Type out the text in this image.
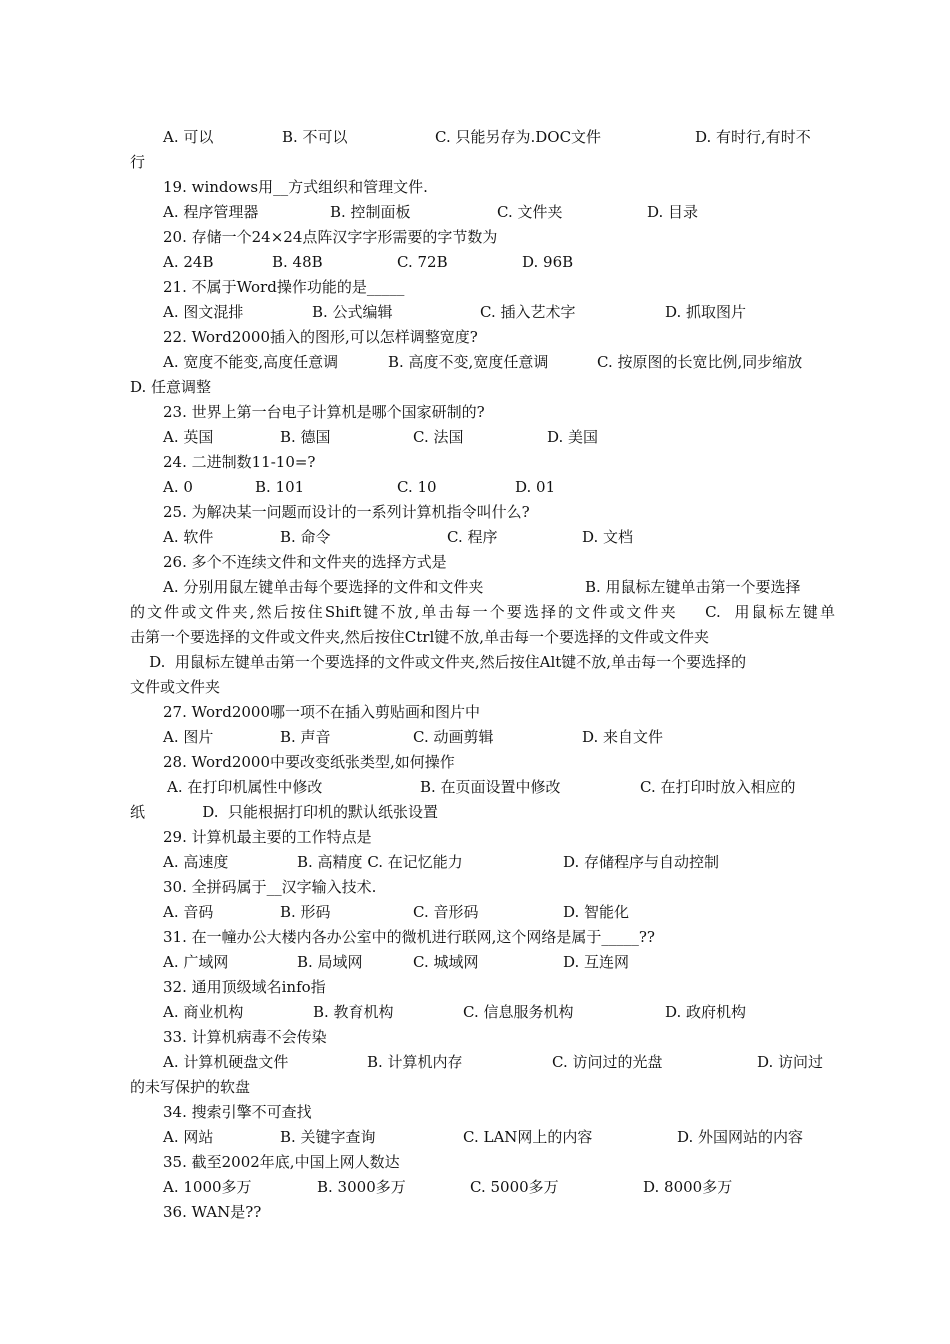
A. 可以	B. 不可以	C. 只能另存为.DOC文件	D. 有时行,有时不
行
19. windows用__方式组织和管理文件.
A. 程序管理器	B. 控制面板	C. 文件夹	D. 目录
20. 存储一个24×24点阵汉字字形需要的字节数为
A. 24B	B. 48B	C. 72B	D. 96B
21. 不属于Word操作功能的是_____
A. 图文混排	B. 公式编辑	C. 插入艺术字	D. 抓取图片
22. Word2000插入的图形,可以怎样调整宽度?
A. 宽度不能变,高度任意调	B. 高度不变,宽度任意调	C. 按原图的长宽比例,同步缩放
D. 任意调整
23. 世界上第一台电子计算机是哪个国家研制的?
A. 英国	B. 德国	C. 法国	D. 美国
24. 二进制数11-10=?
A. 0	B. 101	C. 10	D. 01
25. 为解决某一问题而设计的一系列计算机指令叫什么?
A. 软件	B. 命令	C. 程序	D. 文档
26. 多个不连续文件和文件夹的选择方式是
A. 分别用鼠左键单击每个要选择的文件和文件夹	B. 用鼠标左键单击第一个要选择
的文件或文件夹,然后按住Shift键不放,单击每一个要选择的文件或文件夹    C.  用鼠标左键单
击第一个要选择的文件或文件夹,然后按住Ctrl键不放,单击每一个要选择的文件或文件夹
D.  用鼠标左键单击第一个要选择的文件或文件夹,然后按住Alt键不放,单击每一个要选择的
文件或文件夹
27. Word2000哪一项不在插入剪贴画和图片中
A. 图片	B. 声音	C. 动画剪辑	D. 来自文件
28. Word2000中要改变纸张类型,如何操作
A. 在打印机属性中修改	B. 在页面设置中修改	C. 在打印时放入相应的
纸            D.  只能根据打印机的默认纸张设置
29. 计算机最主要的工作特点是
A. 高速度	B. 高精度 C. 在记忆能力	D. 存储程序与自动控制
30. 全拼码属于__汉字输入技术.
A. 音码	B. 形码	C. 音形码	D. 智能化
31. 在一幢办公大楼内各办公室中的微机进行联网,这个网络是属于_____??
A. 广域网	B. 局域网	C. 城域网	D. 互连网
32. 通用顶级域名info指
A. 商业机构	B. 教育机构	C. 信息服务机构	D. 政府机构
33. 计算机病毒不会传染
A. 计算机硬盘文件	B. 计算机内存	C. 访问过的光盘	D. 访问过
的未写保护的软盘
34. 搜索引擎不可查找
A. 网站	B. 关键字查询	C. LAN网上的内容	D. 外国网站的内容
35. 截至2002年底,中国上网人数达
A. 1000多万	B. 3000多万	C. 5000多万	D. 8000多万
36. WAN是??
